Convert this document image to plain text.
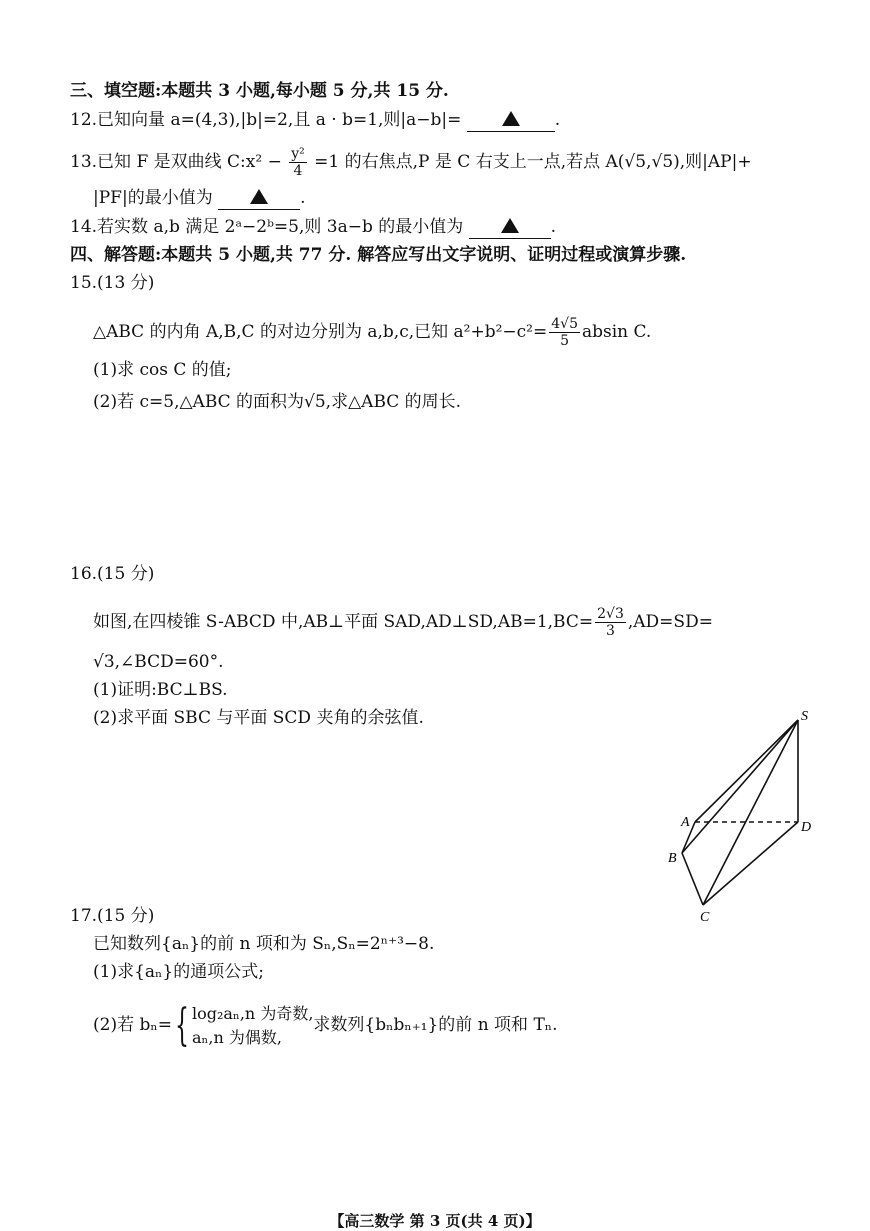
三、填空题:本题共 3 小题,每小题 5 分,共 15 分.
12.已知向量 a=(4,3),|b|=2,且 a · b=1,则|a−b|=	.
13.已知 F 是双曲线 C:x² − $\frac{\text{y²}}{4} =1$ 的右焦点,P 是 C 右支上一点,若点 A(√5,√5),则|AP|+
|PF|的最小值为	.
14.若实数 a,b 满足 2ᵃ−2ᵇ=5,则 3a−b 的最小值为	.
四、解答题:本题共 5 小题,共 77 分. 解答应写出文字说明、证明过程或演算步骤.
15.(13 分)
△ABC 的内角 A,B,C 的对边分别为 a,b,c,已知 $a^2+b^2-c^2= \frac{4√5}{5}$ absin C.
(1)求 cos C 的值;
(2)若 c=5,△ABC 的面积为√5,求△ABC 的周长.
16.(15 分)
如图,在四棱锥 S-ABCD 中,AB⊥平面 SAD,AD⊥SD,AB=1,BC= $\frac{2√3}{3} ,AD=SD=$
√3,∠BCD=60°.
(1)证明:BC⊥BS.
(2)求平面 SBC 与平面 SCD 夹角的余弦值.	S
A	D
B
C
17.(15 分)
已知数列{aₙ}的前 n 项和为 Sₙ,Sₙ=2ⁿ⁺³−8.
(1)求{aₙ}的通项公式;
(2)若 bₙ={ log₂aₙ,n 为奇数,
aₙ,n 为偶数,
求数列{bₙbₙ₊₁}的前 n 项和 Tₙ.
【高三数学 第 3 页(共 4 页)】
